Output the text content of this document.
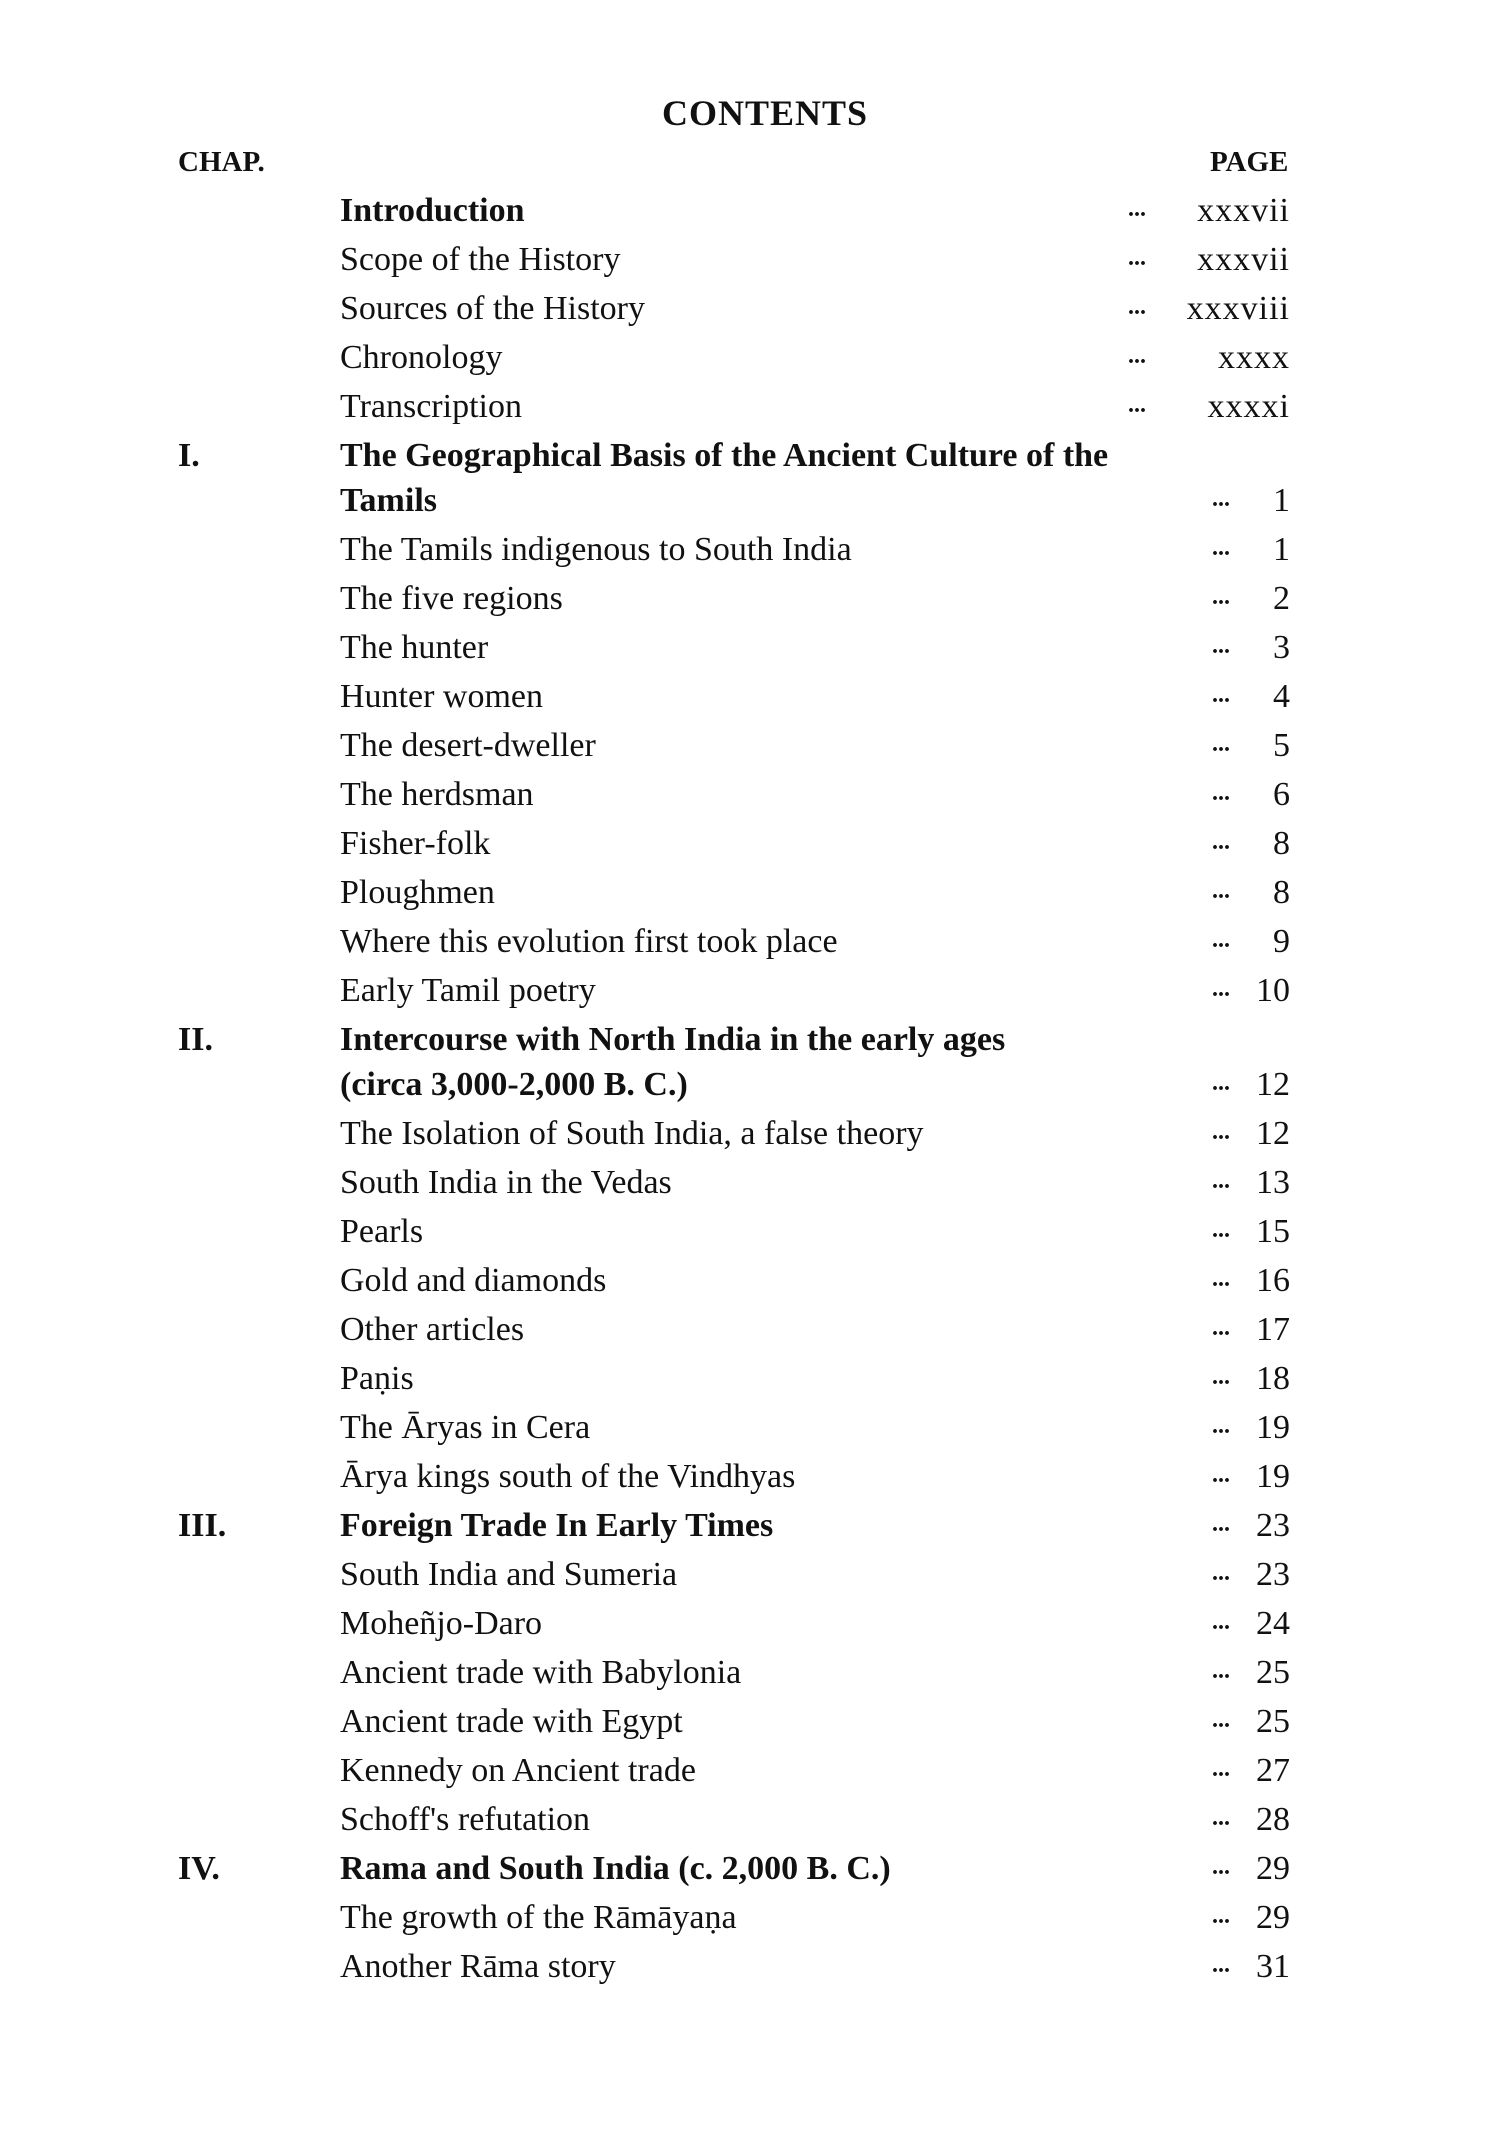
CONTENTS
CHAP.	PAGE
Introduction	... xxxvii
Scope of the History	... xxxvii
Sources of the History	... xxxviii
Chronology	... xxxx
Transcription	... xxxxi
I.	The Geographical Basis of the Ancient Culture of the
Tamils	... 1
The Tamils indigenous to South India	... 1
The five regions	... 2
The hunter	... 3
Hunter women	... 4
The desert-dweller	... 5
The herdsman	... 6
Fisher-folk	... 8
Ploughmen	... 8
Where this evolution first took place	... 9
Early Tamil poetry	... 10
II.	Intercourse with North India in the early ages
(circa 3,000-2,000 B. C.)	... 12
The Isolation of South India, a false theory	... 12
South India in the Vedas	... 13
Pearls	... 15
Gold and diamonds	... 16
Other articles	... 17
Paṇis	... 18
The Āryas in Cera	... 19
Ārya kings south of the Vindhyas	... 19
III.	Foreign Trade In Early Times	... 23
South India and Sumeria	... 23
Moheñjo-Daro	... 24
Ancient trade with Babylonia	... 25
Ancient trade with Egypt	... 25
Kennedy on Ancient trade	... 27
Schoff's refutation	... 28
IV.	Rama and South India (c. 2,000 B. C.)	... 29
The growth of the Rāmāyaṇa	... 29
Another Rāma story	... 31
